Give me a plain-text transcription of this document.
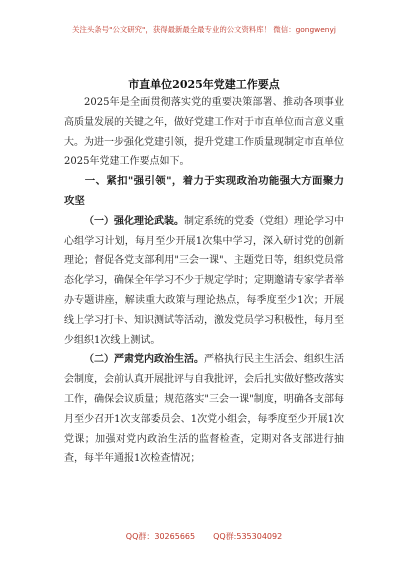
关注头条号"公文研究"，获得最新最全最专业的公文资料库！ 微信：gongwenyj
市直单位2025年党建工作要点

2025年是全面贯彻落实党的重要决策部署、推动各项事业高质量发展的关键之年，做好党建工作对于市直单位而言意义重大。为进一步强化党建引领，提升党建工作质量现制定市直单位2025年党建工作要点如下。

一、紧扣"强引领"，着力于实现政治功能强大方面聚力攻坚

（一）强化理论武装。制定系统的党委（党组）理论学习中心组学习计划，每月至少开展1次集中学习，深入研讨党的创新理论；督促各党支部利用"三会一课"、主题党日等，组织党员常态化学习，确保全年学习不少于规定学时；定期邀请专家学者举办专题讲座，解读重大政策与理论热点，每季度至少1次；开展线上学习打卡、知识测试等活动，激发党员学习积极性，每月至少组织1次线上测试。

（二）严肃党内政治生活。严格执行民主生活会、组织生活会制度，会前认真开展批评与自我批评，会后扎实做好整改落实工作，确保会议质量；规范落实"三会一课"制度，明确各支部每月至少召开1次支部委员会、1次党小组会，每季度至少开展1次党课；加强对党内政治生活的监督检查，定期对各支部进行抽查，每半年通报1次检查情况；

QQ群：30265665 QQ群:535304092
